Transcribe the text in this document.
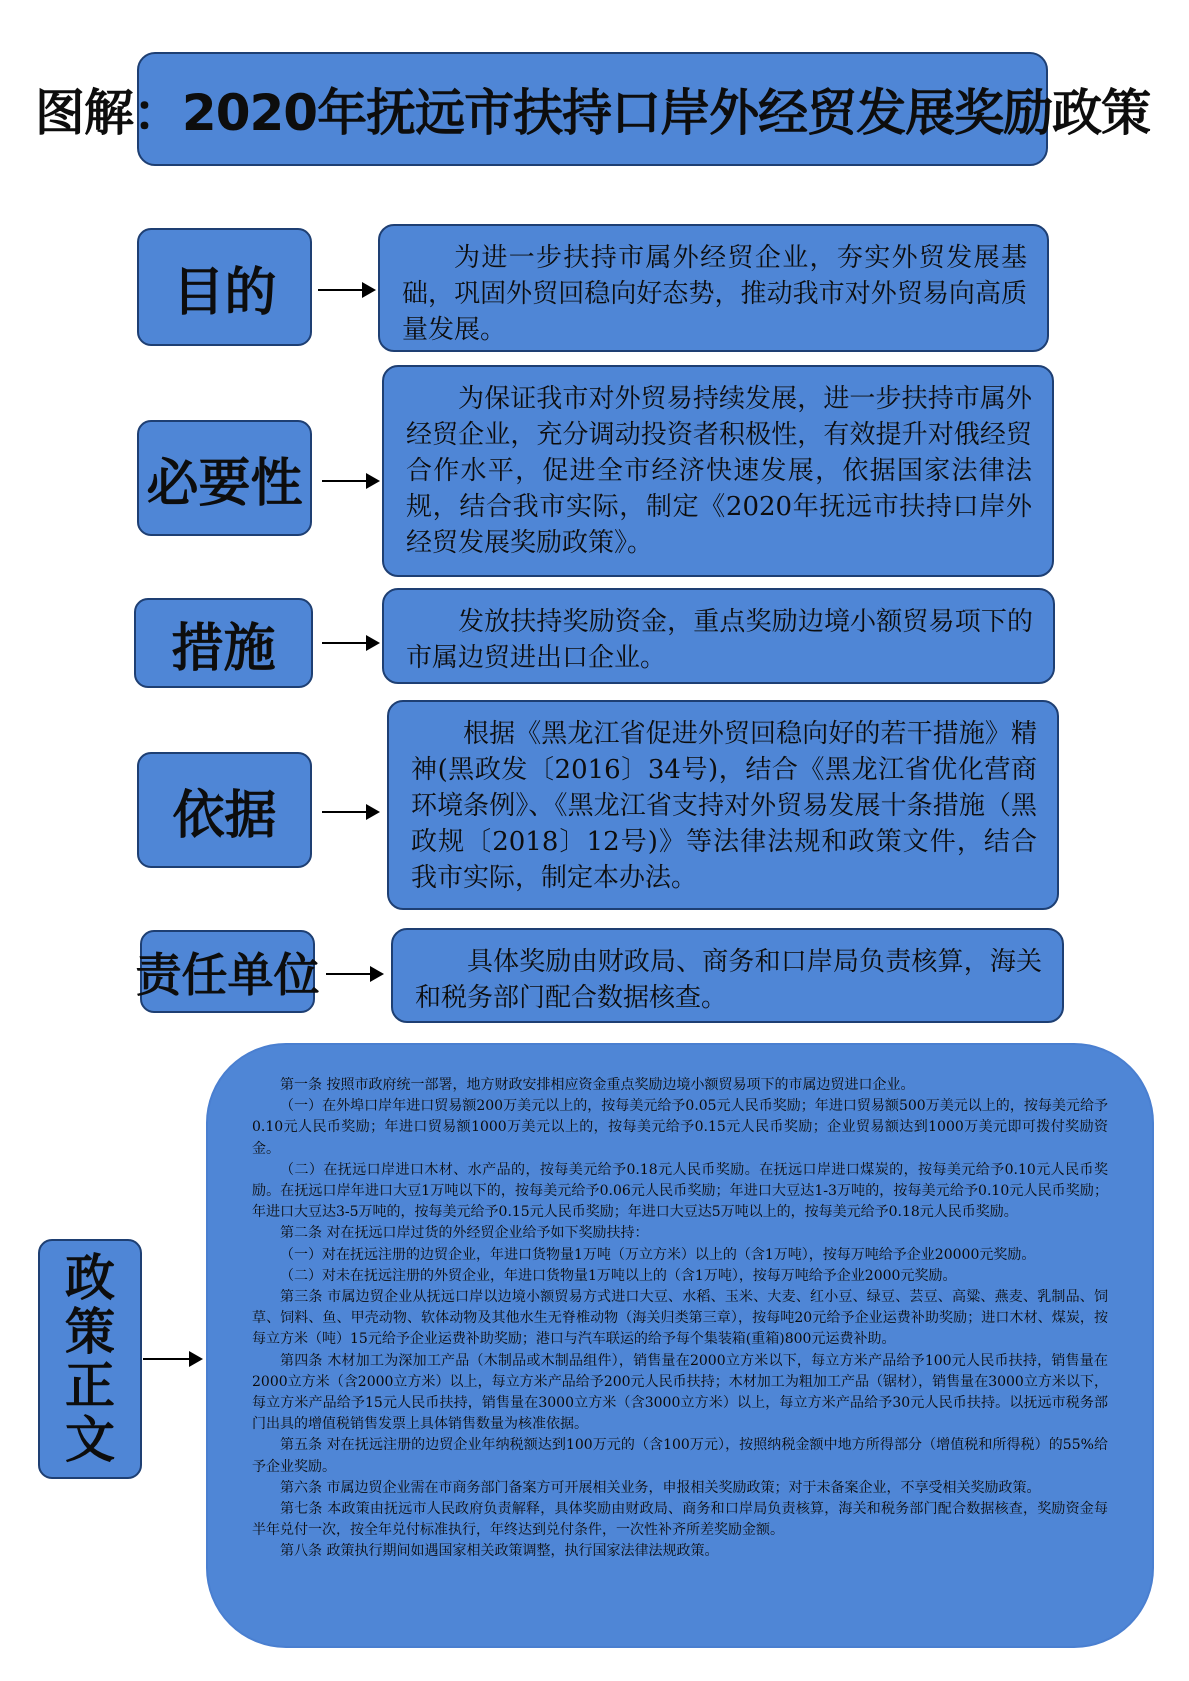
图解：2020年抚远市扶持口岸外经贸发展奖励政策
目的
为进一步扶持市属外经贸企业，夯实外贸发展基础，巩固外贸回稳向好态势，推动我市对外贸易向高质量发展。
必要性
为保证我市对外贸易持续发展，进一步扶持市属外经贸企业，充分调动投资者积极性，有效提升对俄经贸合作水平，促进全市经济快速发展，依据国家法律法规，结合我市实际，制定《2020年抚远市扶持口岸外经贸发展奖励政策》。
措施	发放扶持奖励资金，重点奖励边境小额贸易项下的市属边贸进出口企业。
依据
根据《黑龙江省促进外贸回稳向好的若干措施》精神(黑政发〔2016〕34号)，结合《黑龙江省优化营商环境条例》、《黑龙江省支持对外贸易发展十条措施（黑政规〔2018〕12号)》等法律法规和政策文件，结合我市实际，制定本办法。
责任单位	具体奖励由财政局、商务和口岸局负责核算，海关和税务部门配合数据核查。
政
策
正
文

第一条 按照市政府统一部署，地方财政安排相应资金重点奖励边境小额贸易项下的市属边贸进口企业。

（一）在外埠口岸年进口贸易额200万美元以上的，按每美元给予0.05元人民币奖励；年进口贸易额500万美元以上的，按每美元给予0.10元人民币奖励；年进口贸易额1000万美元以上的，按每美元给予0.15元人民币奖励；企业贸易额达到1000万美元即可拨付奖励资金。

（二）在抚远口岸进口木材、水产品的，按每美元给予0.18元人民币奖励。在抚远口岸进口煤炭的，按每美元给予0.10元人民币奖励。在抚远口岸年进口大豆1万吨以下的，按每美元给予0.06元人民币奖励；年进口大豆达1-3万吨的，按每美元给予0.10元人民币奖励；年进口大豆达3-5万吨的，按每美元给予0.15元人民币奖励；年进口大豆达5万吨以上的，按每美元给予0.18元人民币奖励。

第二条 对在抚远口岸过货的外经贸企业给予如下奖励扶持：

（一）对在抚远注册的边贸企业，年进口货物量1万吨（万立方米）以上的（含1万吨），按每万吨给予企业20000元奖励。

（二）对未在抚远注册的外贸企业，年进口货物量1万吨以上的（含1万吨），按每万吨给予企业2000元奖励。

第三条 市属边贸企业从抚远口岸以边境小额贸易方式进口大豆、水稻、玉米、大麦、红小豆、绿豆、芸豆、高粱、燕麦、乳制品、饲草、饲料、鱼、甲壳动物、软体动物及其他水生无脊椎动物（海关归类第三章），按每吨20元给予企业运费补助奖励；进口木材、煤炭，按每立方米（吨）15元给予企业运费补助奖励；港口与汽车联运的给予每个集装箱(重箱)800元运费补助。

第四条 木材加工为深加工产品（木制品或木制品组件），销售量在2000立方米以下，每立方米产品给予100元人民币扶持，销售量在2000立方米（含2000立方米）以上，每立方米产品给予200元人民币扶持；木材加工为粗加工产品（锯材），销售量在3000立方米以下，每立方米产品给予15元人民币扶持，销售量在3000立方米（含3000立方米）以上，每立方米产品给予30元人民币扶持。以抚远市税务部门出具的增值税销售发票上具体销售数量为核准依据。

第五条 对在抚远注册的边贸企业年纳税额达到100万元的（含100万元），按照纳税金额中地方所得部分（增值税和所得税）的55%给予企业奖励。

第六条 市属边贸企业需在市商务部门备案方可开展相关业务，申报相关奖励政策；对于未备案企业，不享受相关奖励政策。

第七条 本政策由抚远市人民政府负责解释，具体奖励由财政局、商务和口岸局负责核算，海关和税务部门配合数据核查，奖励资金每半年兑付一次，按全年兑付标准执行，年终达到兑付条件，一次性补齐所差奖励金额。

第八条 政策执行期间如遇国家相关政策调整，执行国家法律法规政策。
